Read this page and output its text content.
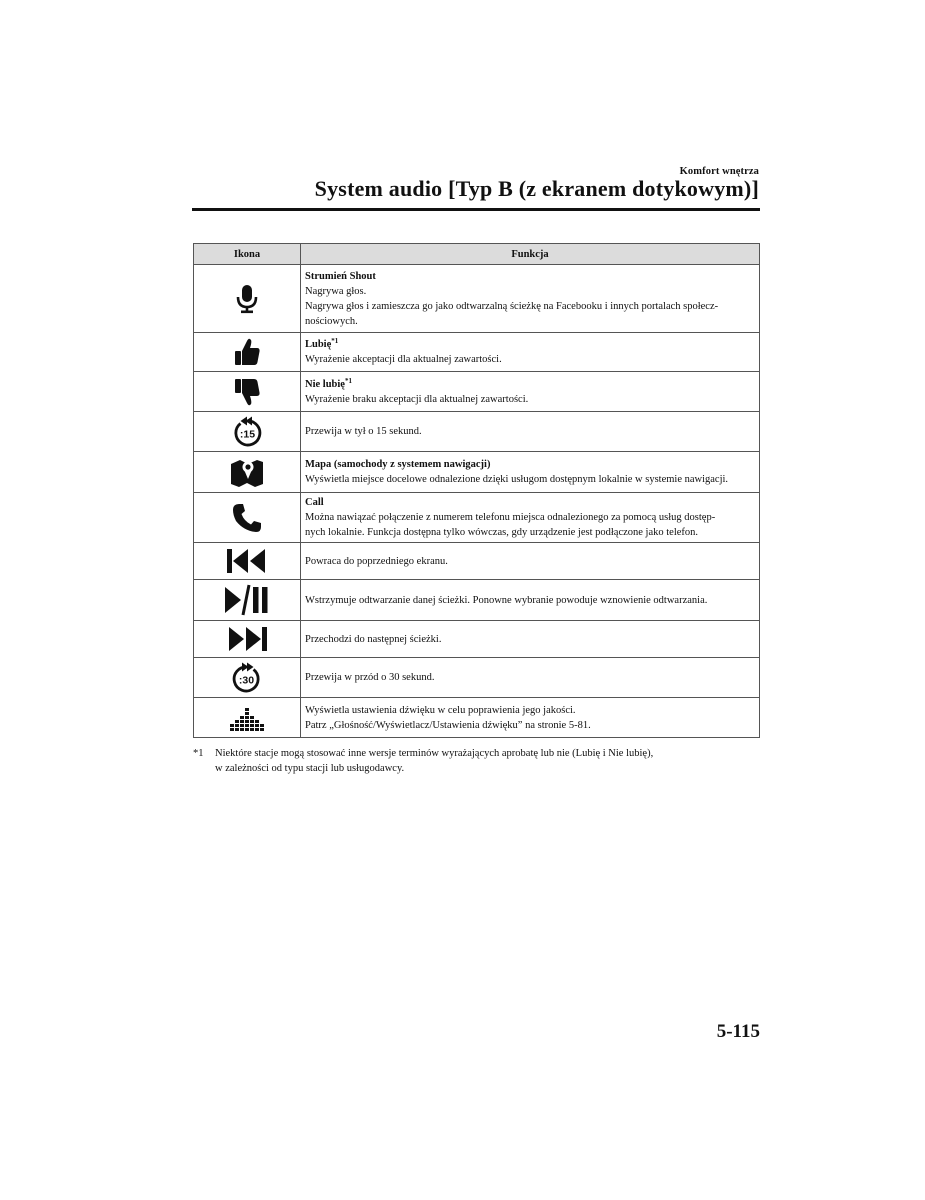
Komfort wnętrza
System audio [Typ B (z ekranem dotykowym)]
Ikona	Funkcja

Strumień Shout
Nagrywa głos.
Nagrywa głos i zamieszcza go jako odtwarzalną ścieżkę na Facebooku i innych portalach społecz-
nościowych.

Lubię$^{*1}$
Wyrażenie akceptacji dla aktualnej zawartości.

Nie lubię$^{*1}$
Wyrażenie braku akceptacji dla aktualnej zawartości.

:15	Przewija w tył o 15 sekund.

Mapa (samochody z systemem nawigacji)
Wyświetla miejsce docelowe odnalezione dzięki usługom dostępnym lokalnie w systemie nawigacji.

Call
Można nawiązać połączenie z numerem telefonu miejsca odnalezionego za pomocą usług dostęp-
nych lokalnie. Funkcja dostępna tylko wówczas, gdy urządzenie jest podłączone jako telefon.

Powraca do poprzedniego ekranu.

Wstrzymuje odtwarzanie danej ścieżki. Ponowne wybranie powoduje wznowienie odtwarzania.

Przechodzi do następnej ścieżki.

:30	Przewija w przód o 30 sekund.

Wyświetla ustawienia dźwięku w celu poprawienia jego jakości.
Patrz „Głośność/Wyświetlacz/Ustawienia dźwięku” na stronie 5-81.
*1 Niektóre stacje mogą stosować inne wersje terminów wyrażających aprobatę lub nie (Lubię i Nie lubię),
w zależności od typu stacji lub usługodawcy.
5-115
